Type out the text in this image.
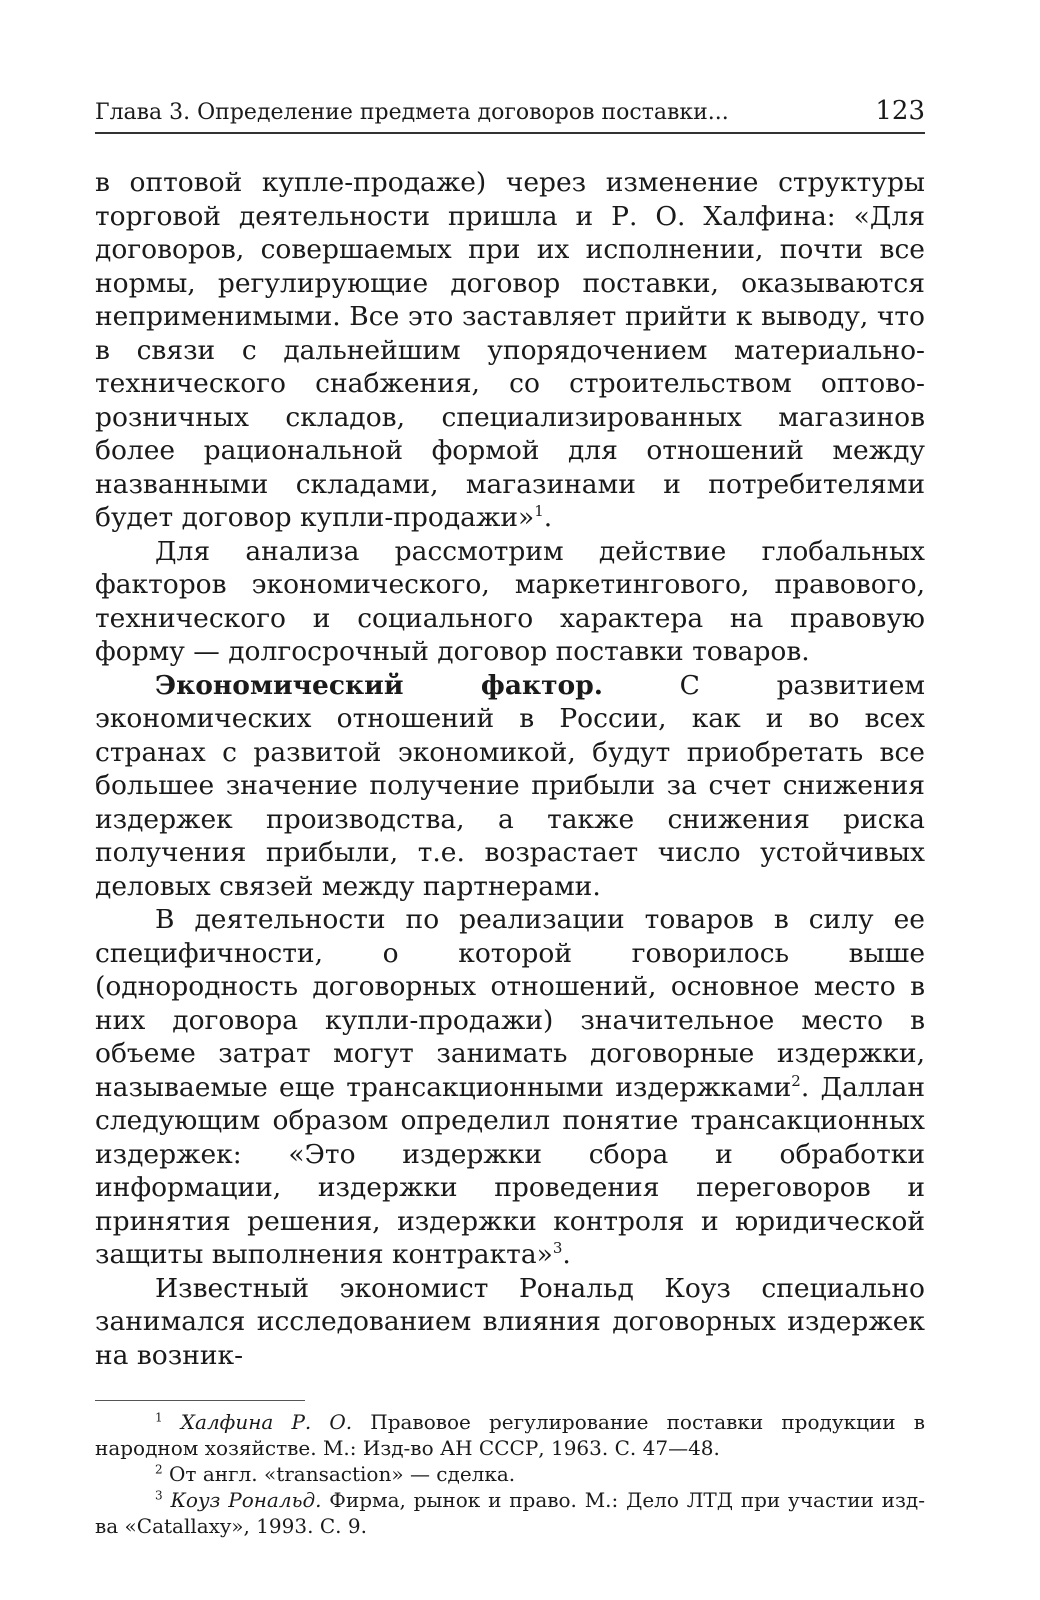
Глава 3. Определение предмета договоров поставки...	123

в оптовой купле-продаже) через изменение структуры торговой деятельности пришла и Р. О. Халфина: «Для договоров, совершаемых при их исполнении, почти все нормы, регулирующие договор поставки, оказываются неприменимыми. Все это заставляет прийти к выводу, что в связи с дальнейшим упорядочением материально-технического снабжения, со строительством оптово-розничных складов, специализированных магазинов более рациональной формой для отношений между названными складами, магазинами и потребителями будет договор купли-продажи»$^1$.

Для анализа рассмотрим действие глобальных факторов экономического, маркетингового, правового, технического и социального характера на правовую форму — долгосрочный договор поставки товаров.

Экономический фактор. С развитием экономических отношений в России, как и во всех странах с развитой экономикой, будут приобретать все большее значение получение прибыли за счет снижения издержек производства, а также снижения риска получения прибыли, т.е. возрастает число устойчивых деловых связей между партнерами.

В деятельности по реализации товаров в силу ее специфичности, о которой говорилось выше (однородность договорных отношений, основное место в них договора купли-продажи) значительное место в объеме затрат могут занимать договорные издержки, называемые еще трансакционными издержками$^2$. Даллан следующим образом определил понятие трансакционных издержек: «Это издержки сбора и обработки информации, издержки проведения переговоров и принятия решения, издержки контроля и юридической защиты выполнения контракта»$^3$.

Известный экономист Рональд Коуз специально занимался исследованием влияния договорных издержек на возник-

$^1$ Халфина Р. О. Правовое регулирование поставки продукции в народном хозяйстве. М.: Изд-во АН СССР, 1963. С. 47—48.

$^2$ От англ. «transaction» — сделка.

$^3$ Коуз Рональд. Фирма, рынок и право. М.: Дело ЛТД при участии изд-ва «Catallaxy», 1993. С. 9.
